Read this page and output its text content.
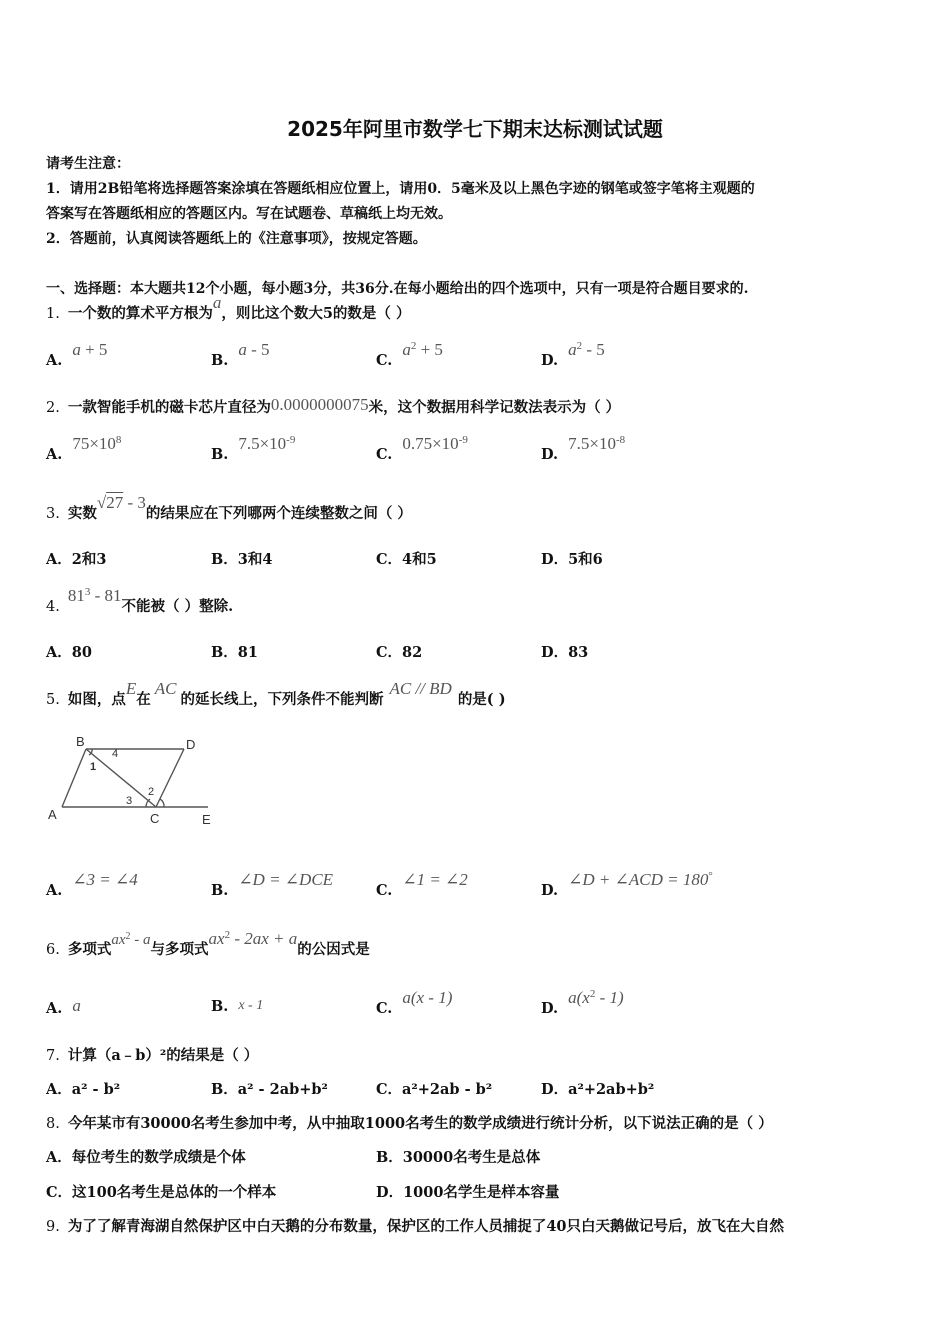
2025年阿里市数学七下期末达标测试试题
请考生注意：
1．请用2B铅笔将选择题答案涂填在答题纸相应位置上，请用0．5毫米及以上黑色字迹的钢笔或签字笔将主观题的
答案写在答题纸相应的答题区内。写在试题卷、草稿纸上均无效。
2．答题前，认真阅读答题纸上的《注意事项》，按规定答题。
一、选择题：本大题共12个小题，每小题3分，共36分.在每小题给出的四个选项中，只有一项是符合题目要求的.
1. 一个数的算术平方根为a，则比这个数大5的数是（ ）
A.a + 5
B.a - 5
$C.a^2 + 5$
$D.a^2 - 5$
2. 一款智能手机的磁卡芯片直径为0.0000000075米，这个数据用科学记数法表示为（ ）
$A.75\times 10^8$
$B.7.5\times 10^{-9}$
$C.0.75\times 10^{-9}$
$D.7.5\times 10^{-8}$
3. 实数√27 - 3的结果应在下列哪两个连续整数之间（ ）
A．2和3	B．3和4	C．4和5	D．5和6
4.81$^3$ - 81不能被（ ）整除.
A．80	B．81	C．82	D．83
5. 如图，点E在AC的延长线上，下列条件不能判断AC // BD的是( )
B	D
A	C	E
1
2
3
4
A.∠3 = ∠4
B.∠D = ∠DCE
C.∠1 = ∠2
D.∠D + ∠ACD = 180°
6. 多项式$ax^2$ - a与多项式$ax^2 - 2ax + a$的公因式是
A. a	B. x - 1	C.a(x - 1)
$D.a(x^2 - 1)$
7. 计算（a﹣b）²的结果是（ ）
A．a² - b²	B．a² - 2ab+b²	C．a²+2ab - b²	D．a²+2ab+b²
8. 今年某市有30000名考生参加中考，从中抽取1000名考生的数学成绩进行统计分析，以下说法正确的是（ ）
A．每位考生的数学成绩是个体	B．30000名考生是总体
C．这100名考生是总体的一个样本	D．1000名学生是样本容量
9. 为了了解青海湖自然保护区中白天鹅的分布数量，保护区的工作人员捕捉了40只白天鹅做记号后，放飞在大自然
